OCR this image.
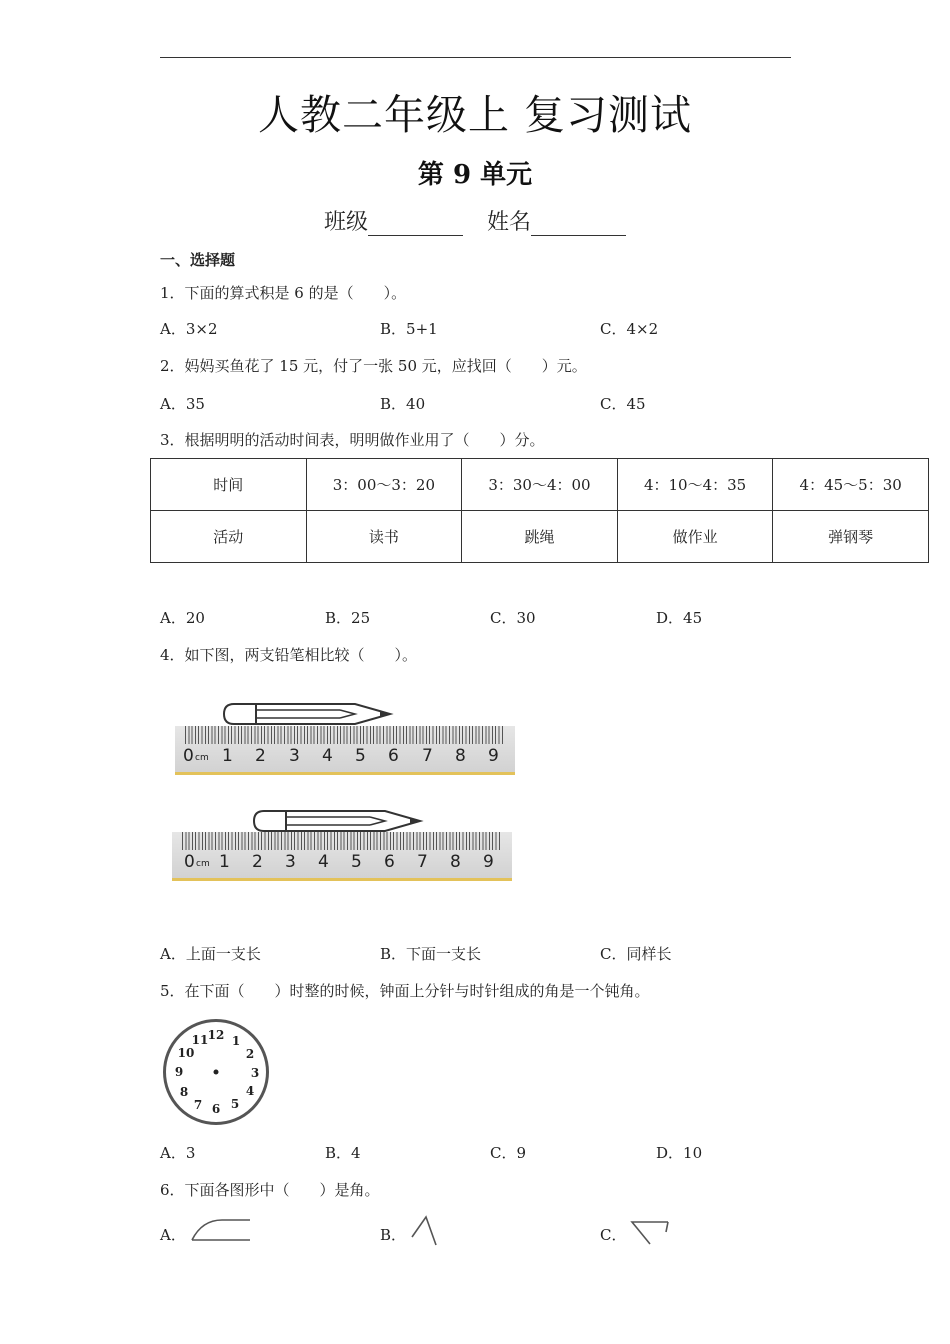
人教二年级上 复习测试
第 9 单元
班级	姓名
一、选择题
1．下面的算式积是 6 的是（　　）。
A．3×2	B．5+1	C．4×2
2．妈妈买鱼花了 15 元，付了一张 50 元，应找回（　　）元。
A．35	B．40	C．45
3．根据明明的活动时间表，明明做作业用了（　　）分。
时间	3：00～3：20	3：30～4：00	4：10～4：35	4：45～5：30
活动	读书	跳绳	做作业	弹钢琴
A．20	B．25	C．30	D．45
4．如下图，两支铅笔相比较（　　）。
0 cm 1 2 3 4 5 6 7 8 9
0 cm 1 2 3 4 5 6 7 8 9
A．上面一支长	B．下面一支长	C．同样长
5．在下面（　　）时整的时候，钟面上分针与时针组成的角是一个钝角。
12 1
2
3
4
5
6
7
8
9
10
11
A．3	B．4	C．9	D．10
6．下面各图形中（　　）是角。
A．	B．	C．
